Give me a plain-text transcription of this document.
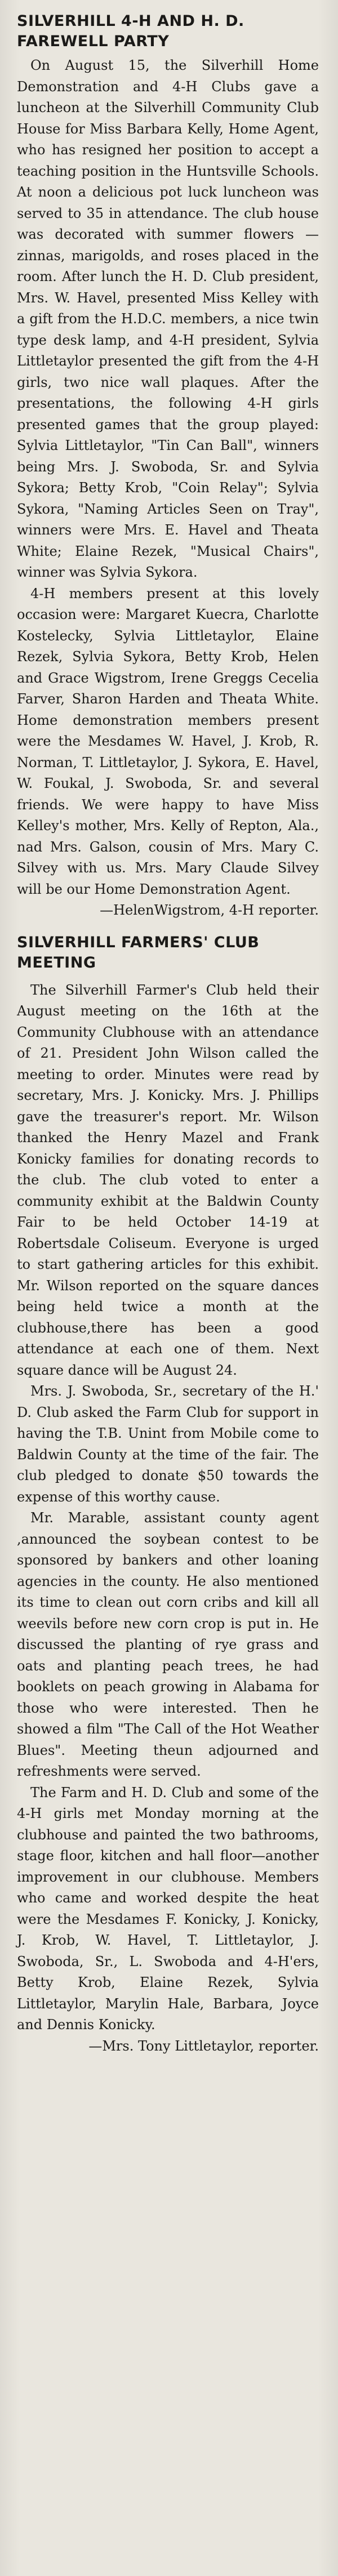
SILVERHILL 4-H AND H. D. FAREWELL PARTY

On August 15, the Silverhill Home Demonstration and 4-H Clubs gave a luncheon at the Silverhill Community Club House for Miss Barbara Kelly, Home Agent, who has resigned her position to accept a teaching position in the Huntsville Schools. At noon a delicious pot luck luncheon was served to 35 in attendance. The club house was decorated with summer flowers — zinnas, marigolds, and roses placed in the room. After lunch the H. D. Club president, Mrs. W. Havel, presented Miss Kelley with a gift from the H.D.C. members, a nice twin type desk lamp, and 4-H president, Sylvia Littletaylor presented the gift from the 4-H girls, two nice wall plaques. After the presentations, the following 4-H girls presented games that the group played: Sylvia Littletaylor, "Tin Can Ball", winners being Mrs. J. Swoboda, Sr. and Sylvia Sykora; Betty Krob, "Coin Relay"; Sylvia Sykora, "Naming Articles Seen on Tray", winners were Mrs. E. Havel and Theata White; Elaine Rezek, "Musical Chairs", winner was Sylvia Sykora.

4-H members present at this lovely occasion were: Margaret Kuecra, Charlotte Kostelecky, Sylvia Littletaylor, Elaine Rezek, Sylvia Sykora, Betty Krob, Helen and Grace Wigstrom, Irene Greggs Cecelia Farver, Sharon Harden and Theata White. Home demonstration members present were the Mesdames W. Havel, J. Krob, R. Norman, T. Littletaylor, J. Sykora, E. Havel, W. Foukal, J. Swoboda, Sr. and several friends. We were happy to have Miss Kelley's mother, Mrs. Kelly of Repton, Ala., nad Mrs. Galson, cousin of Mrs. Mary C. Silvey with us. Mrs. Mary Claude Silvey will be our Home Demonstration Agent.

—HelenWigstrom, 4-H reporter.

SILVERHILL FARMERS' CLUB MEETING

The Silverhill Farmer's Club held their August meeting on the 16th at the Community Clubhouse with an attendance of 21. President John Wilson called the meeting to order. Minutes were read by secretary, Mrs. J. Konicky. Mrs. J. Phillips gave the treasurer's report. Mr. Wilson thanked the Henry Mazel and Frank Konicky families for donating records to the club. The club voted to enter a community exhibit at the Baldwin County Fair to be held October 14-19 at Robertsdale Coliseum. Everyone is urged to start gathering articles for this exhibit. Mr. Wilson reported on the square dances being held twice a month at the clubhouse,there has been a good attendance at each one of them. Next square dance will be August 24.

Mrs. J. Swoboda, Sr., secretary of the H.' D. Club asked the Farm Club for support in having the T.B. Unint from Mobile come to Baldwin County at the time of the fair. The club pledged to donate $50 towards the expense of this worthy cause.

Mr. Marable, assistant county agent ,announced the soybean contest to be sponsored by bankers and other loaning agencies in the county. He also mentioned its time to clean out corn cribs and kill all weevils before new corn crop is put in. He discussed the planting of rye grass and oats and planting peach trees, he had booklets on peach growing in Alabama for those who were interested. Then he showed a film "The Call of the Hot Weather Blues". Meeting theun adjourned and refreshments were served.

The Farm and H. D. Club and some of the 4-H girls met Monday morning at the clubhouse and painted the two bathrooms, stage floor, kitchen and hall floor—another improvement in our clubhouse. Members who came and worked despite the heat were the Mesdames F. Konicky, J. Konicky, J. Krob, W. Havel, T. Littletaylor, J. Swoboda, Sr., L. Swoboda and 4-H'ers, Betty Krob, Elaine Rezek, Sylvia Littletaylor, Marylin Hale, Barbara, Joyce and Dennis Konicky.

—Mrs. Tony Littletaylor, reporter.
